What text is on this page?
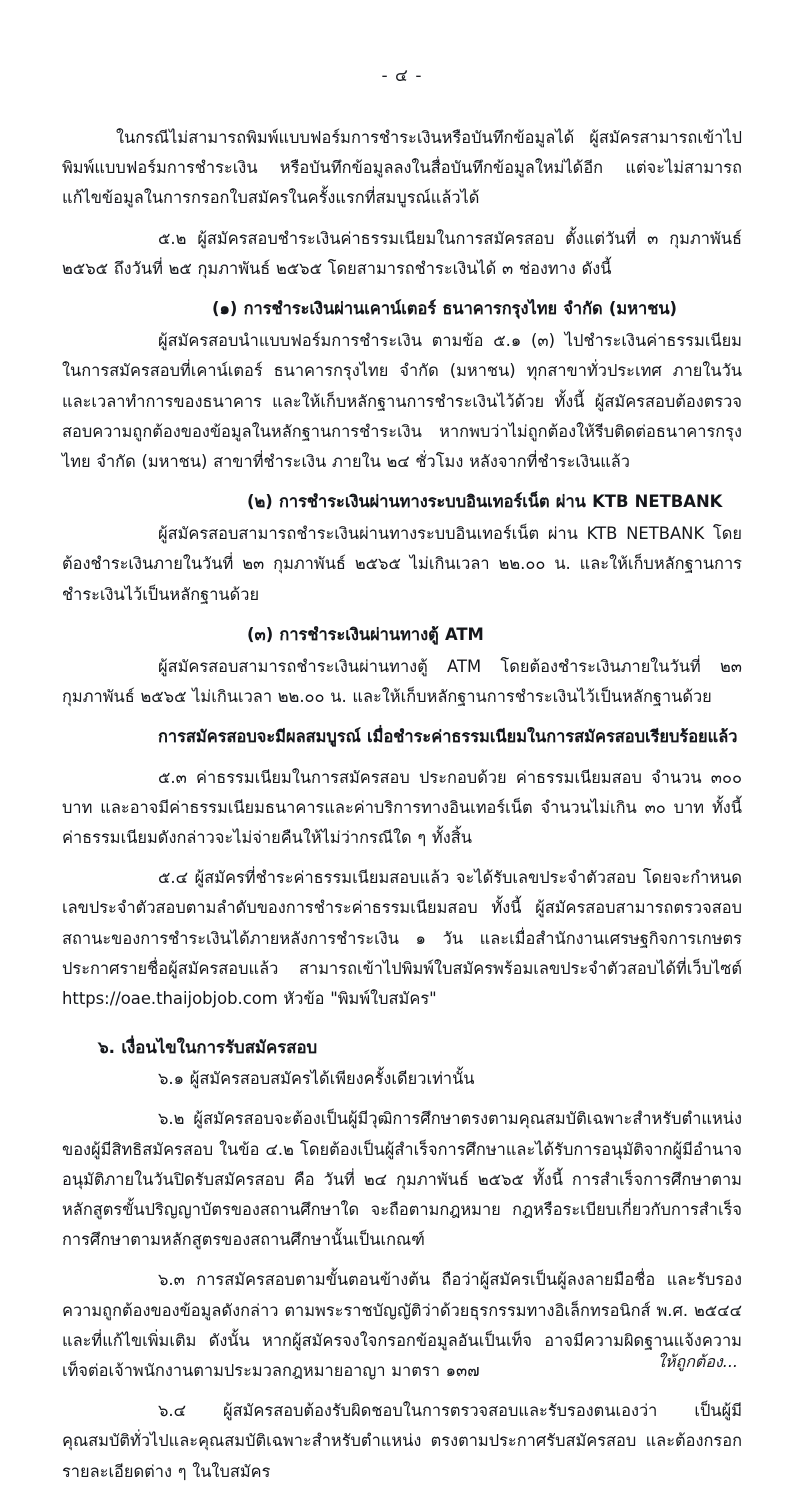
- ๔ -
ในกรณีไม่สามารถพิมพ์แบบฟอร์มการชำระเงินหรือบันทึกข้อมูลได้ ผู้สมัครสามารถเข้าไปพิมพ์แบบฟอร์มการชำระเงิน หรือบันทึกข้อมูลลงในสื่อบันทึกข้อมูลใหม่ได้อีก แต่จะไม่สามารถแก้ไขข้อมูลในการกรอกใบสมัครในครั้งแรกที่สมบูรณ์แล้วได้
๕.๒ ผู้สมัครสอบชำระเงินค่าธรรมเนียมในการสมัครสอบ ตั้งแต่วันที่ ๓ กุมภาพันธ์ ๒๕๖๕ ถึงวันที่ ๒๕ กุมภาพันธ์ ๒๕๖๕ โดยสามารถชำระเงินได้ ๓ ช่องทาง ดังนี้
(๑) การชำระเงินผ่านเคาน์เตอร์ ธนาคารกรุงไทย จำกัด (มหาชน)
ผู้สมัครสอบนำแบบฟอร์มการชำระเงิน ตามข้อ ๕.๑ (๓) ไปชำระเงินค่าธรรมเนียมในการสมัครสอบที่เคาน์เตอร์ ธนาคารกรุงไทย จำกัด (มหาชน) ทุกสาขาทั่วประเทศ ภายในวันและเวลาทำการของธนาคาร และให้เก็บหลักฐานการชำระเงินไว้ด้วย ทั้งนี้ ผู้สมัครสอบต้องตรวจสอบความถูกต้องของข้อมูลในหลักฐานการชำระเงิน หากพบว่าไม่ถูกต้องให้รีบติดต่อธนาคารกรุงไทย จำกัด (มหาชน) สาขาที่ชำระเงิน ภายใน ๒๔ ชั่วโมง หลังจากที่ชำระเงินแล้ว
(๒) การชำระเงินผ่านทางระบบอินเทอร์เน็ต ผ่าน KTB NETBANK
ผู้สมัครสอบสามารถชำระเงินผ่านทางระบบอินเทอร์เน็ต ผ่าน KTB NETBANK โดยต้องชำระเงินภายในวันที่ ๒๓ กุมภาพันธ์ ๒๕๖๕ ไม่เกินเวลา ๒๒.๐๐ น. และให้เก็บหลักฐานการชำระเงินไว้เป็นหลักฐานด้วย
(๓) การชำระเงินผ่านทางตู้ ATM
ผู้สมัครสอบสามารถชำระเงินผ่านทางตู้ ATM โดยต้องชำระเงินภายในวันที่ ๒๓ กุมภาพันธ์ ๒๕๖๕ ไม่เกินเวลา ๒๒.๐๐ น. และให้เก็บหลักฐานการชำระเงินไว้เป็นหลักฐานด้วย
การสมัครสอบจะมีผลสมบูรณ์ เมื่อชำระค่าธรรมเนียมในการสมัครสอบเรียบร้อยแล้ว
๕.๓ ค่าธรรมเนียมในการสมัครสอบ ประกอบด้วย ค่าธรรมเนียมสอบ จำนวน ๓๐๐ บาท และอาจมีค่าธรรมเนียมธนาคารและค่าบริการทางอินเทอร์เน็ต จำนวนไม่เกิน ๓๐ บาท ทั้งนี้ ค่าธรรมเนียมดังกล่าวจะไม่จ่ายคืนให้ไม่ว่ากรณีใด ๆ ทั้งสิ้น
๕.๔ ผู้สมัครที่ชำระค่าธรรมเนียมสอบแล้ว จะได้รับเลขประจำตัวสอบ โดยจะกำหนดเลขประจำตัวสอบตามลำดับของการชำระค่าธรรมเนียมสอบ ทั้งนี้ ผู้สมัครสอบสามารถตรวจสอบสถานะของการชำระเงินได้ภายหลังการชำระเงิน ๑ วัน และเมื่อสำนักงานเศรษฐกิจการเกษตร ประกาศรายชื่อผู้สมัครสอบแล้ว สามารถเข้าไปพิมพ์ใบสมัครพร้อมเลขประจำตัวสอบได้ที่เว็บไซต์ https://oae.thaijobjob.com หัวข้อ "พิมพ์ใบสมัคร"
๖. เงื่อนไขในการรับสมัครสอบ
๖.๑ ผู้สมัครสอบสมัครได้เพียงครั้งเดียวเท่านั้น
๖.๒ ผู้สมัครสอบจะต้องเป็นผู้มีวุฒิการศึกษาตรงตามคุณสมบัติเฉพาะสำหรับตำแหน่งของผู้มีสิทธิสมัครสอบ ในข้อ ๔.๒ โดยต้องเป็นผู้สำเร็จการศึกษาและได้รับการอนุมัติจากผู้มีอำนาจอนุมัติภายในวันปิดรับสมัครสอบ คือ วันที่ ๒๔ กุมภาพันธ์ ๒๕๖๕ ทั้งนี้ การสำเร็จการศึกษาตามหลักสูตรขั้นปริญญาบัตรของสถานศึกษาใด จะถือตามกฎหมาย กฎหรือระเบียบเกี่ยวกับการสำเร็จการศึกษาตามหลักสูตรของสถานศึกษานั้นเป็นเกณฑ์
๖.๓ การสมัครสอบตามขั้นตอนข้างต้น ถือว่าผู้สมัครเป็นผู้ลงลายมือชื่อ และรับรองความถูกต้องของข้อมูลดังกล่าว ตามพระราชบัญญัติว่าด้วยธุรกรรมทางอิเล็กทรอนิกส์ พ.ศ. ๒๕๔๔ และที่แก้ไขเพิ่มเติม ดังนั้น หากผู้สมัครจงใจกรอกข้อมูลอันเป็นเท็จ อาจมีความผิดฐานแจ้งความเท็จต่อเจ้าพนักงานตามประมวลกฎหมายอาญา มาตรา ๑๓๗
๖.๔ ผู้สมัครสอบต้องรับผิดชอบในการตรวจสอบและรับรองตนเองว่า เป็นผู้มีคุณสมบัติทั่วไปและคุณสมบัติเฉพาะสำหรับตำแหน่ง ตรงตามประกาศรับสมัครสอบ และต้องกรอกรายละเอียดต่าง ๆ ในใบสมัคร
ให้ถูกต้อง...
